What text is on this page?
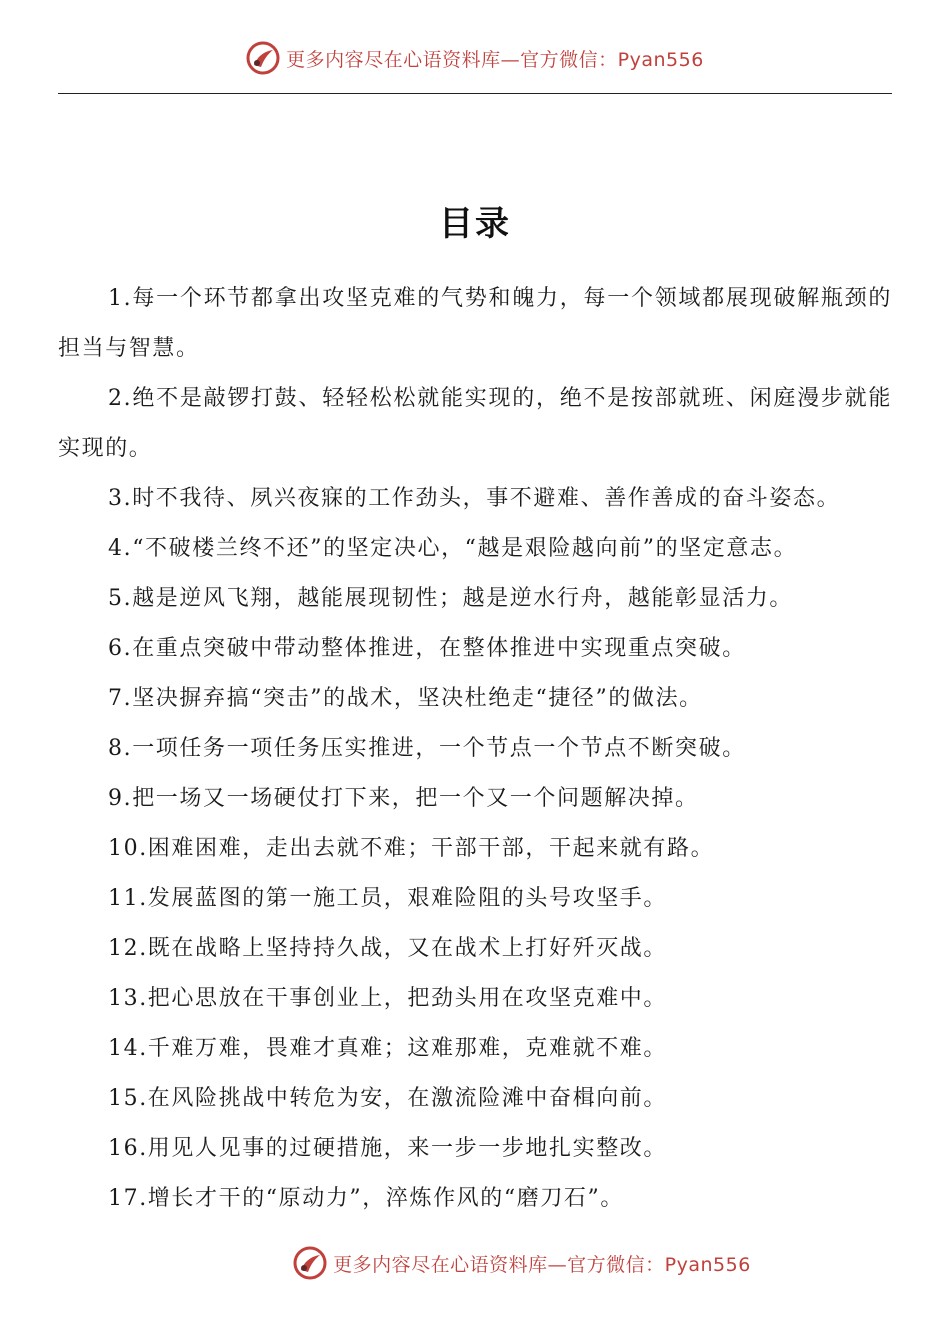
更多内容尽在心语资料库—官方微信：Pyan556
目录

1.每一个环节都拿出攻坚克难的气势和魄力，每一个领域都展现破解瓶颈的担当与智慧。

2.绝不是敲锣打鼓、轻轻松松就能实现的，绝不是按部就班、闲庭漫步就能实现的。

3.时不我待、夙兴夜寐的工作劲头，事不避难、善作善成的奋斗姿态。

4.“不破楼兰终不还”的坚定决心，“越是艰险越向前”的坚定意志。

5.越是逆风飞翔，越能展现韧性；越是逆水行舟，越能彰显活力。

6.在重点突破中带动整体推进，在整体推进中实现重点突破。

7.坚决摒弃搞“突击”的战术，坚决杜绝走“捷径”的做法。

8.一项任务一项任务压实推进，一个节点一个节点不断突破。

9.把一场又一场硬仗打下来，把一个又一个问题解决掉。

10.困难困难，走出去就不难；干部干部，干起来就有路。

11.发展蓝图的第一施工员，艰难险阻的头号攻坚手。

12.既在战略上坚持持久战，又在战术上打好歼灭战。

13.把心思放在干事创业上，把劲头用在攻坚克难中。

14.千难万难，畏难才真难；这难那难，克难就不难。

15.在风险挑战中转危为安，在激流险滩中奋楫向前。

16.用见人见事的过硬措施，来一步一步地扎实整改。

17.增长才干的“原动力”，淬炼作风的“磨刀石”。

更多内容尽在心语资料库—官方微信：Pyan556
